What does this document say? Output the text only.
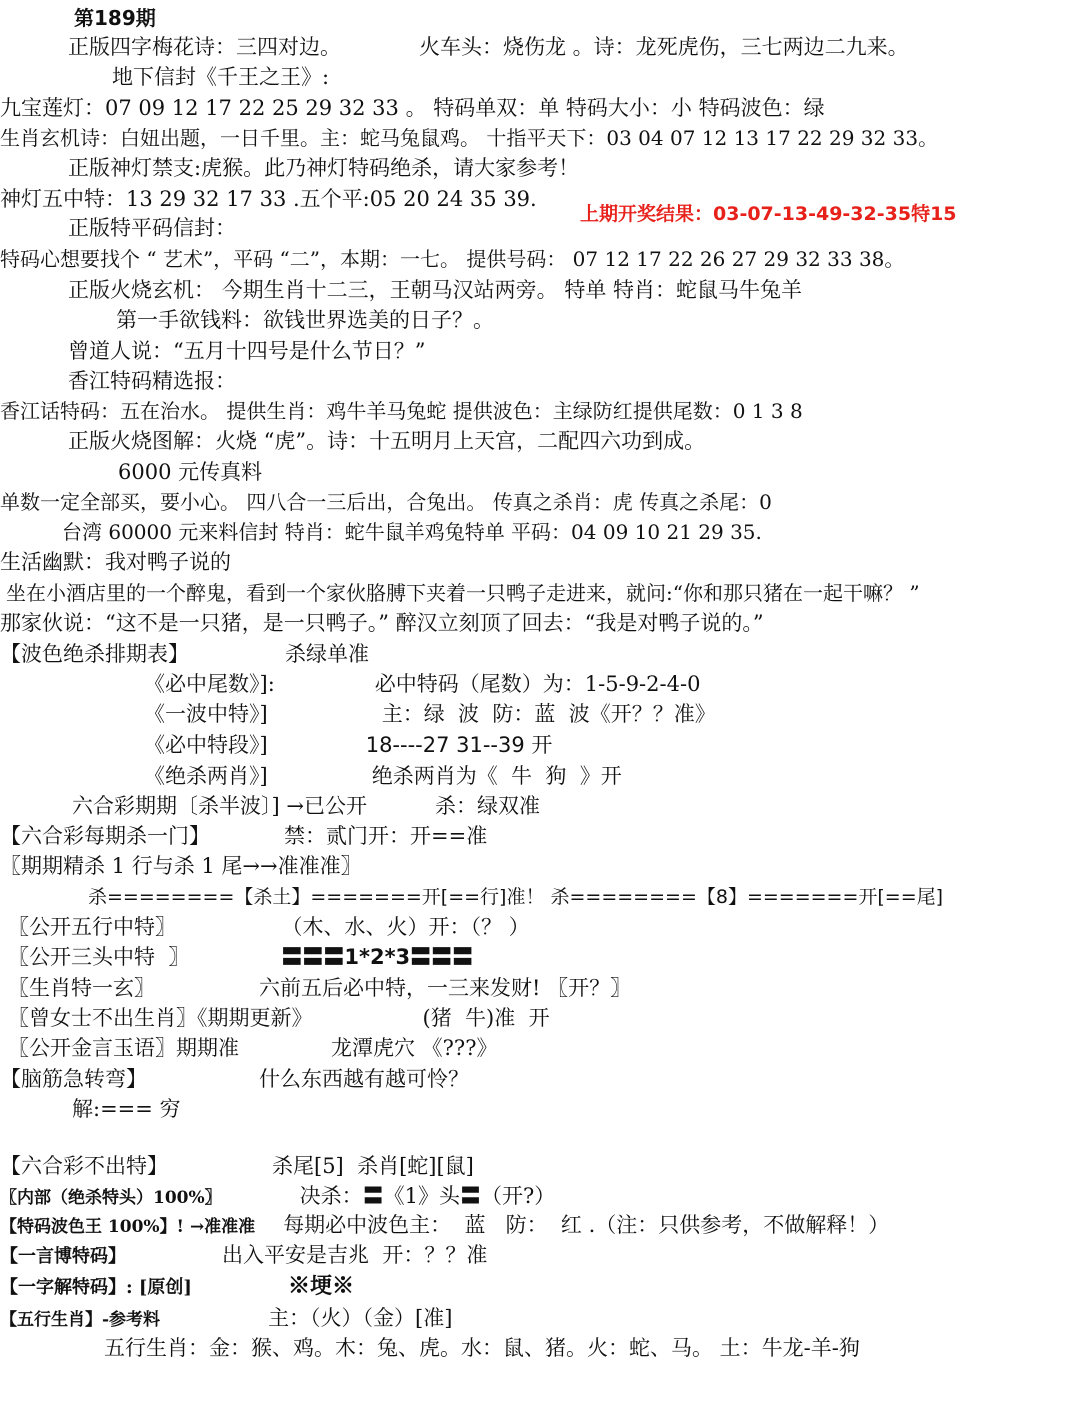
第189期
正版四字梅花诗：三四对边。	火车头：烧伤龙 。诗：龙死虎伤，三七两边二九来。
地下信封《千王之王》:
九宝莲灯：07 09 12 17 22 25 29 32 33 。 特码单双：单 特码大小：小 特码波色：绿
生肖玄机诗：白妞出题，一日千里。主：蛇马兔鼠鸡。 十指平天下：03 04 07 12 13 17 22 29 32 33。
正版神灯禁支:虎猴。此乃神灯特码绝杀，请大家参考！
神灯五中特：13 29 32 17 33 .五个平:05 20 24 35 39.
上期开奖结果：03-07-13-49-32-35特15
正版特平码信封：
特码心想要找个 “ 艺术”，平码 “二”，本期：一七。 提供号码： 07 12 17 22 26 27 29 32 33 38。
正版火烧玄机： 今期生肖十二三，王朝马汉站两旁。 特单 特肖：蛇鼠马牛兔羊
第一手欲钱料：欲钱世界选美的日子？。
曾道人说：“五月十四号是什么节日？”
香江特码精选报：
香江话特码：五在治水。 提供生肖：鸡牛羊马兔蛇 提供波色：主绿防红提供尾数：0 1 3 8
正版火烧图解：火烧 “虎”。诗：十五明月上天宫，二配四六功到成。
6000 元传真料
单数一定全部买，要小心。 四八合一三后出，合兔出。 传真之杀肖：虎 传真之杀尾：0
台湾 60000 元来料信封 特肖：蛇牛鼠羊鸡兔特单 平码：04 09 10 21 29 35.
生活幽默：我对鸭子说的
坐在小酒店里的一个醉鬼，看到一个家伙胳膊下夹着一只鸭子走进来，就问:“你和那只猪在一起干嘛？ ”
那家伙说：“这不是一只猪，是一只鸭子。” 醉汉立刻顶了回去：“我是对鸭子说的。”
【波色绝杀排期表】	杀绿单准
《必中尾数》]:	必中特码（尾数）为：1-5-9-2-4-0
《一波中特》]	主：绿  波  防：蓝  波《开？？准》
《必中特段》]	18----27 31--39 开
《绝杀两肖》]	绝杀两肖为《  牛  狗  》开
六合彩期期〔杀半波〕] →已公开	杀：绿双准
【六合彩每期杀一门】	禁：贰门开：开==准
〖期期精杀 1 行与杀 1 尾→→准准准〗
杀========【杀土】=======开[==行]准！ 杀========【8】=======开[==尾]
〖公开五行中特〗	（木、水、火）开：（？ ）
〖公开三头中特  〗	〓〓〓1*2*3〓〓〓
〖生肖特一玄〗	六前五后必中特，一三来发财! 〖开？〗
〖曾女士不出生肖〗《期期更新》	(猪  牛)准  开
〖公开金言玉语〗期期准	龙潭虎穴 《???》
【脑筋急转弯】	什么东西越有越可怜？
解:=== 穷
【六合彩不出特】	杀尾[5]  杀肖[蛇][鼠]
〖内部（绝杀特头）100%〗	决杀：〓《1》头〓（开?）
【特码波色王 100%】! →准准准 每期必中波色主：  蓝   防：  红 .（注：只供参考，不做解释！）
【一言博特码】	出入平安是吉兆  开：？？准
【一字解特码】: [原创]	※埂※
【五行生肖】-参考料	主：（火）（金）[准]
五行生肖：金：猴、鸡。木：兔、虎。水：鼠、猪。火：蛇、马。 土：牛龙-羊-狗
